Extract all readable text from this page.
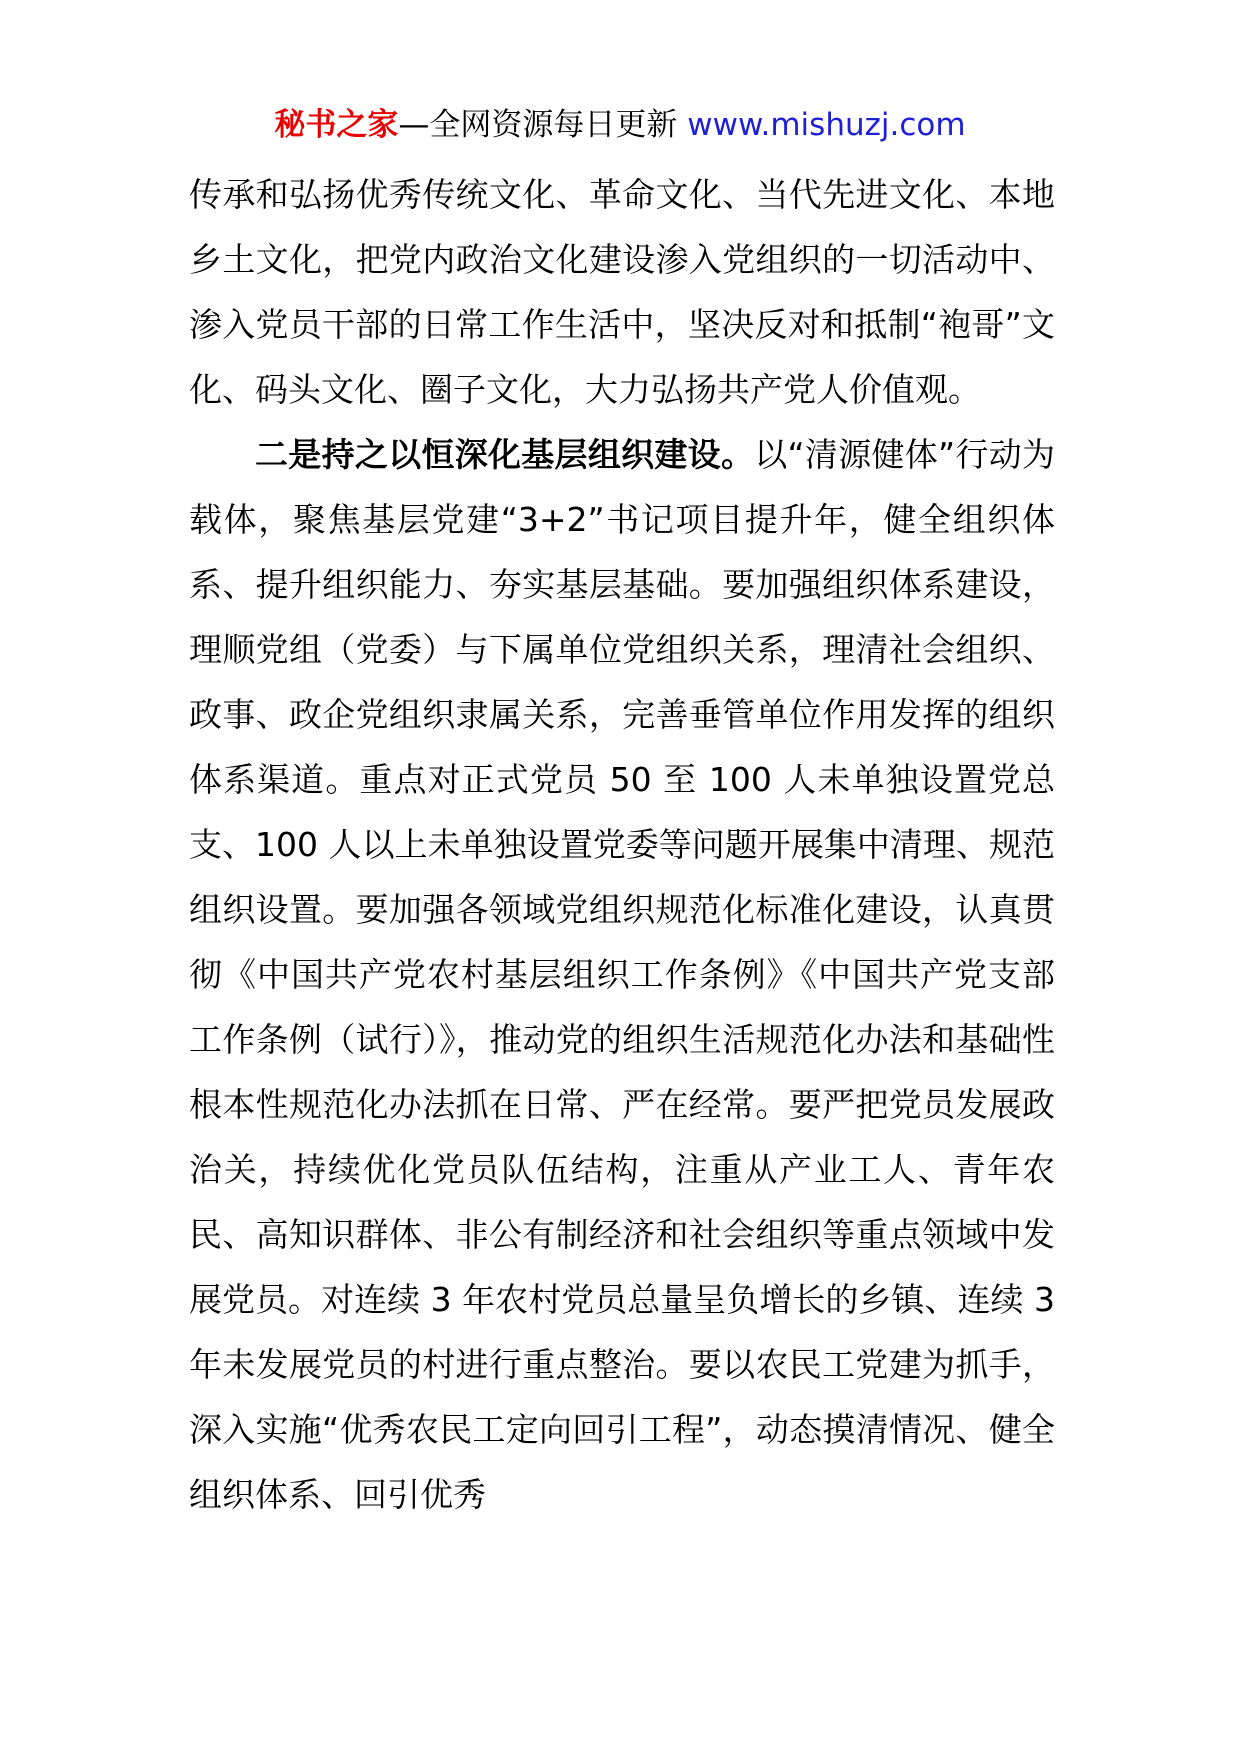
秘书之家—全网资源每日更新 www.mishuzj.com

传承和弘扬优秀传统文化、革命文化、当代先进文化、本地乡土文化，把党内政治文化建设渗入党组织的一切活动中、渗入党员干部的日常工作生活中，坚决反对和抵制“袍哥”文化、码头文化、圈子文化，大力弘扬共产党人价值观。

二是持之以恒深化基层组织建设。以“清源健体”行动为载体，聚焦基层党建“3+2”书记项目提升年，健全组织体系、提升组织能力、夯实基层基础。要加强组织体系建设，理顺党组（党委）与下属单位党组织关系，理清社会组织、政事、政企党组织隶属关系，完善垂管单位作用发挥的组织体系渠道。重点对正式党员 50 至 100 人未单独设置党总支、100 人以上未单独设置党委等问题开展集中清理、规范组织设置。要加强各领域党组织规范化标准化建设，认真贯彻《中国共产党农村基层组织工作条例》《中国共产党支部工作条例（试行）》，推动党的组织生活规范化办法和基础性根本性规范化办法抓在日常、严在经常。要严把党员发展政治关，持续优化党员队伍结构，注重从产业工人、青年农民、高知识群体、非公有制经济和社会组织等重点领域中发展党员。对连续 3 年农村党员总量呈负增长的乡镇、连续 3 年未发展党员的村进行重点整治。要以农民工党建为抓手，深入实施“优秀农民工定向回引工程”，动态摸清情况、健全组织体系、回引优秀
